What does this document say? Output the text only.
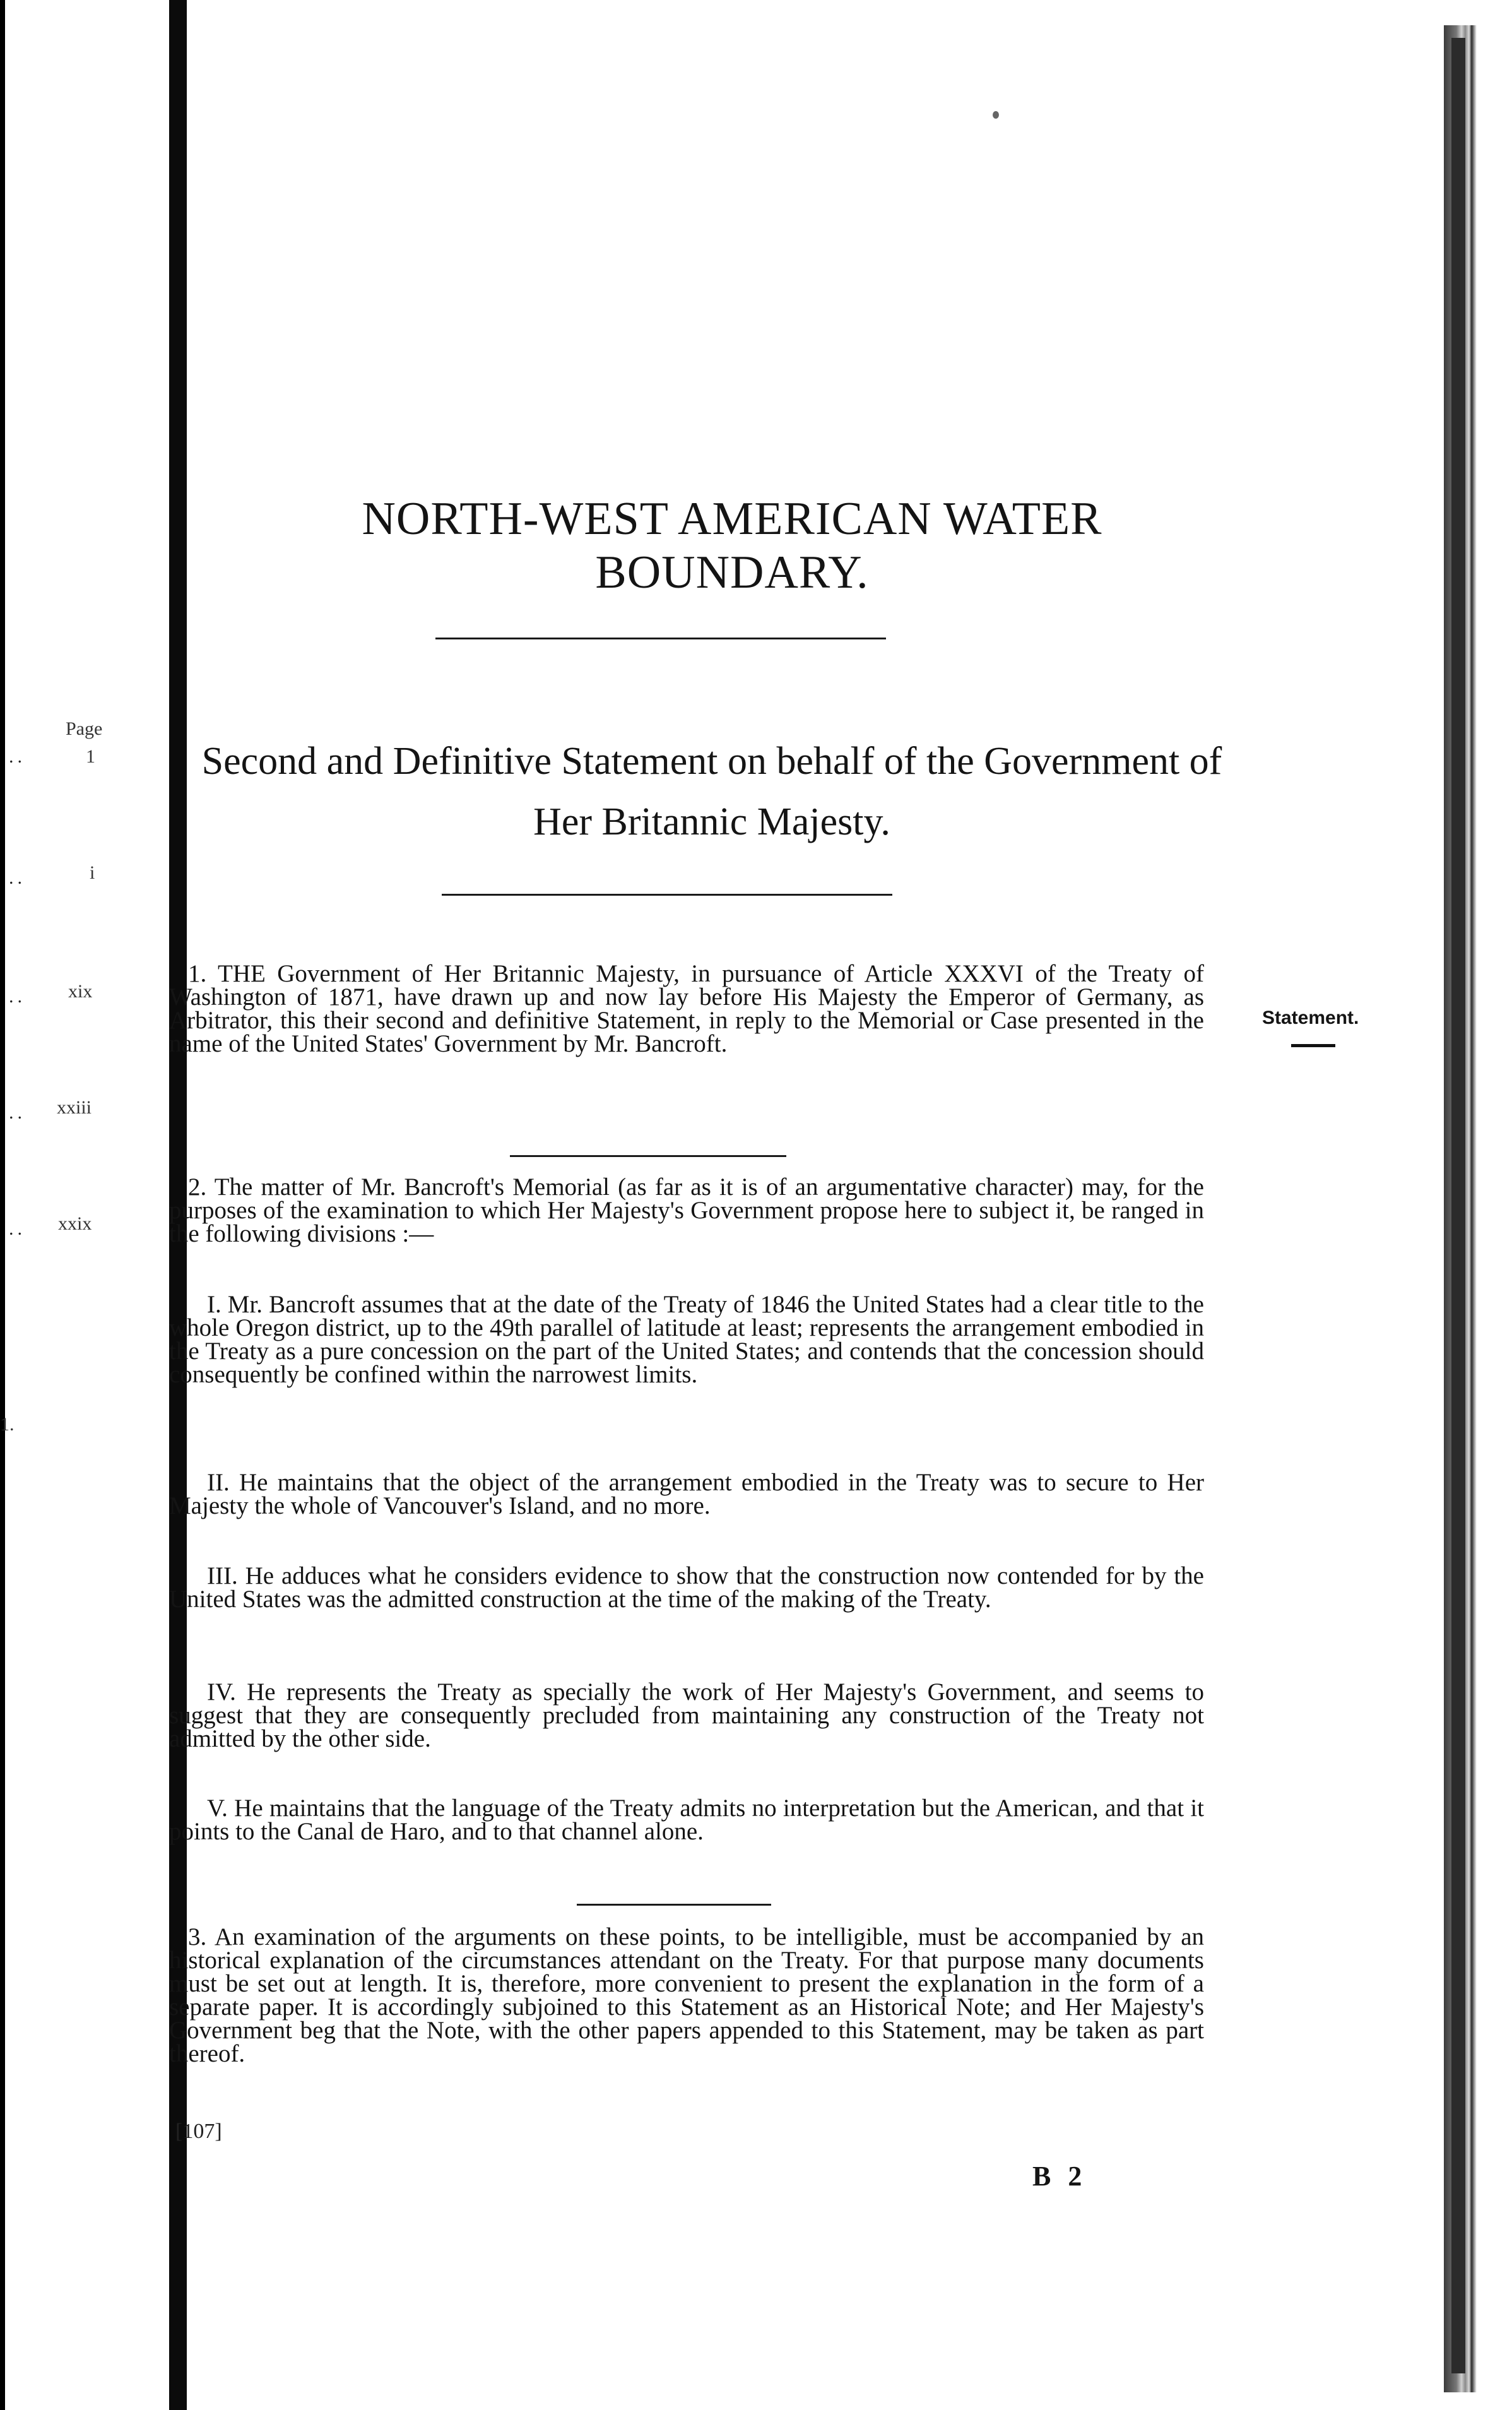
Page
..	1
..	i
.. xix
.. xxiii
.. xxix
1.
NORTH-WEST AMERICAN WATER BOUNDARY.
Second and Definitive Statement on behalf of the Government of
Her Britannic Majesty.
Statement.
1. THE Government of Her Britannic Majesty, in pursuance of Article XXXVI of the Treaty of Washington of 1871, have drawn up and now lay before His Majesty the Emperor of Germany, as Arbitrator, this their second and definitive Statement, in reply to the Memorial or Case presented in the name of the United States' Government by Mr. Bancroft.
2. The matter of Mr. Bancroft's Memorial (as far as it is of an argumentative character) may, for the purposes of the examination to which Her Majesty's Government propose here to subject it, be ranged in the following divisions :—
I. Mr. Bancroft assumes that at the date of the Treaty of 1846 the United States had a clear title to the whole Oregon district, up to the 49th parallel of latitude at least; represents the arrangement embodied in the Treaty as a pure concession on the part of the United States; and contends that the concession should consequently be confined within the narrowest limits.
II. He maintains that the object of the arrangement embodied in the Treaty was to secure to Her Majesty the whole of Vancouver's Island, and no more.
III. He adduces what he considers evidence to show that the construction now contended for by the United States was the admitted construction at the time of the making of the Treaty.
IV. He represents the Treaty as specially the work of Her Majesty's Government, and seems to suggest that they are consequently precluded from maintaining any construction of the Treaty not admitted by the other side.
V. He maintains that the language of the Treaty admits no interpretation but the American, and that it points to the Canal de Haro, and to that channel alone.
3. An examination of the arguments on these points, to be intelligible, must be accompanied by an historical explanation of the circumstances attendant on the Treaty. For that purpose many documents must be set out at length. It is, therefore, more convenient to present the explanation in the form of a separate paper. It is accordingly subjoined to this Statement as an Historical Note; and Her Majesty's Government beg that the Note, with the other papers appended to this Statement, may be taken as part thereof.
[107]
B 2
